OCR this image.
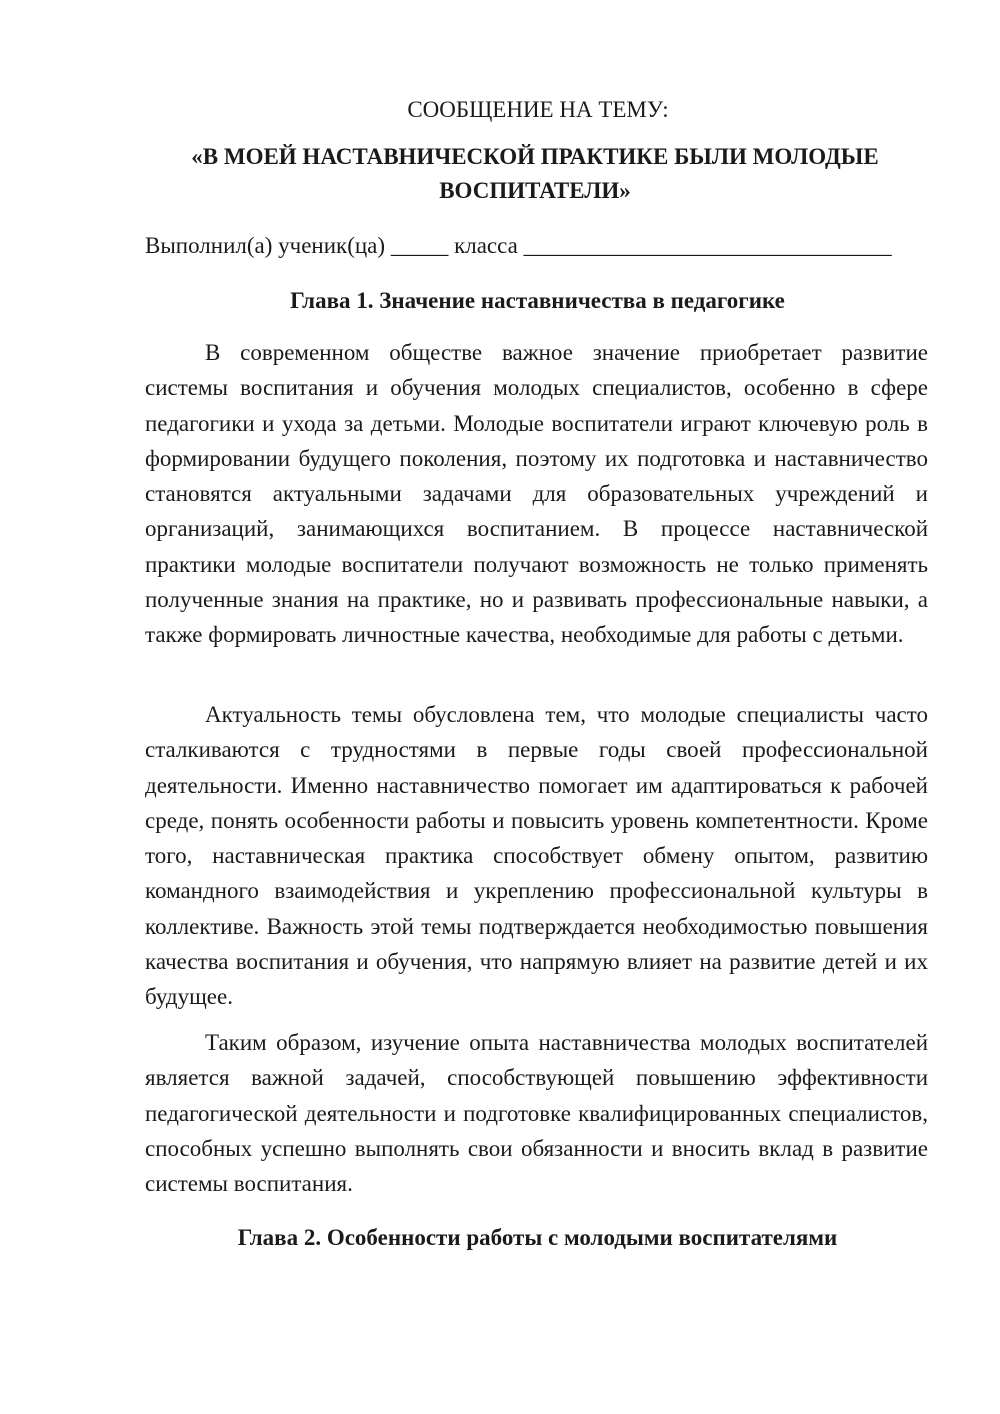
СООБЩЕНИЕ НА ТЕМУ:
«В МОЕЙ НАСТАВНИЧЕСКОЙ ПРАКТИКЕ БЫЛИ МОЛОДЫЕ ВОСПИТАТЕЛИ»
Выполнил(а) ученик(ца) _____ класса ________________________________
Глава 1. Значение наставничества в педагогике

В современном обществе важное значение приобретает развитие системы воспитания и обучения молодых специалистов, особенно в сфере педагогики и ухода за детьми. Молодые воспитатели играют ключевую роль в формировании будущего поколения, поэтому их подготовка и наставничество становятся актуальными задачами для образовательных учреждений и организаций, занимающихся воспитанием. В процессе наставнической практики молодые воспитатели получают возможность не только применять полученные знания на практике, но и развивать профессиональные навыки, а также формировать личностные качества, необходимые для работы с детьми.

Актуальность темы обусловлена тем, что молодые специалисты часто сталкиваются с трудностями в первые годы своей профессиональной деятельности. Именно наставничество помогает им адаптироваться к рабочей среде, понять особенности работы и повысить уровень компетентности. Кроме того, наставническая практика способствует обмену опытом, развитию командного взаимодействия и укреплению профессиональной культуры в коллективе. Важность этой темы подтверждается необходимостью повышения качества воспитания и обучения, что напрямую влияет на развитие детей и их будущее.

Таким образом, изучение опыта наставничества молодых воспитателей является важной задачей, способствующей повышению эффективности педагогической деятельности и подготовке квалифицированных специалистов, способных успешно выполнять свои обязанности и вносить вклад в развитие системы воспитания.

Глава 2. Особенности работы с молодыми воспитателями
